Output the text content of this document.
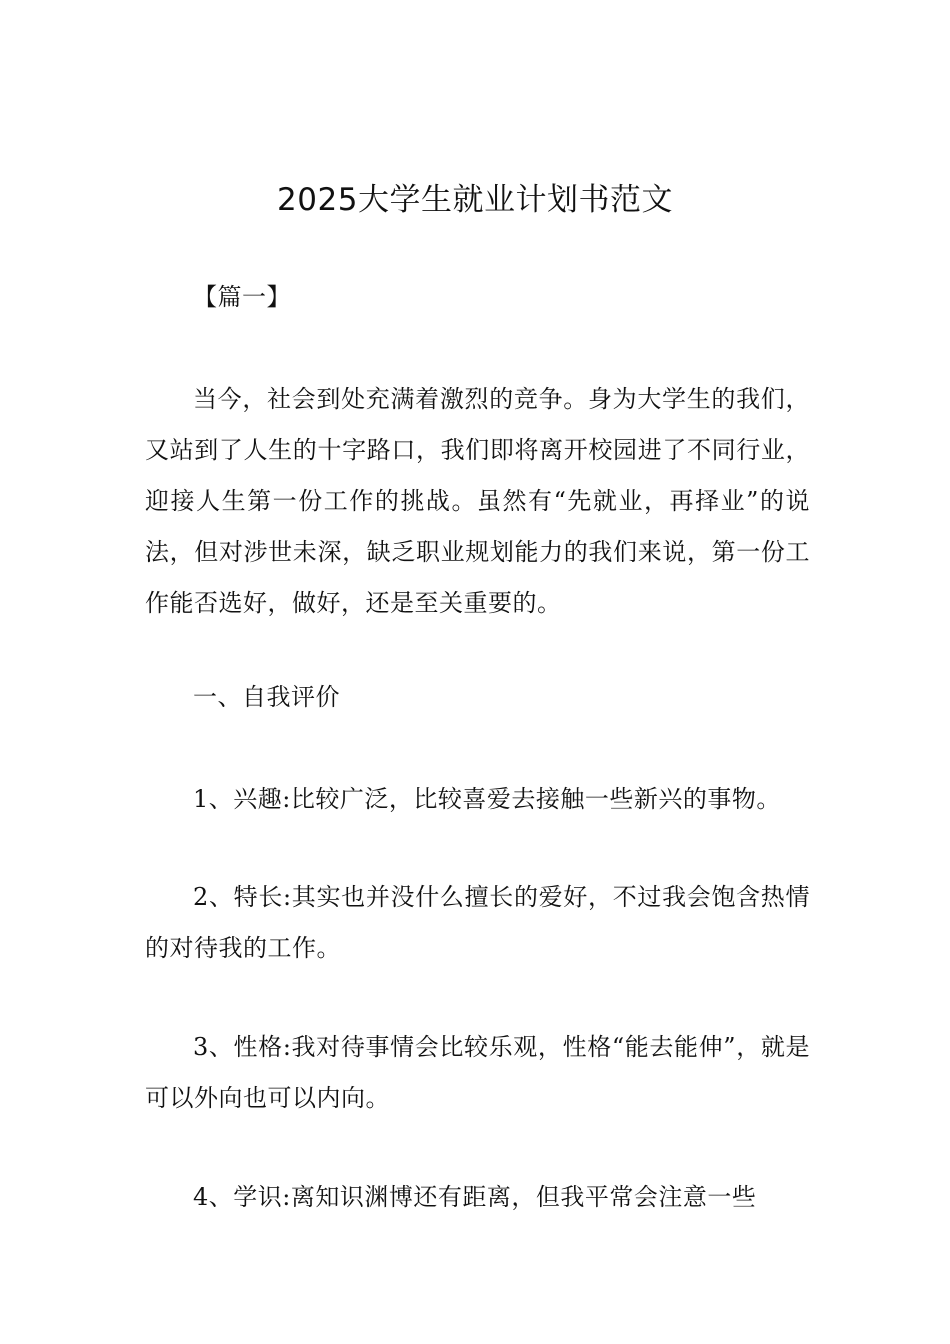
2025大学生就业计划书范文

【篇一】

当今，社会到处充满着激烈的竞争。身为大学生的我们，又站到了人生的十字路口，我们即将离开校园进了不同行业，迎接人生第一份工作的挑战。虽然有“先就业，再择业”的说法，但对涉世未深，缺乏职业规划能力的我们来说，第一份工作能否选好，做好，还是至关重要的。

一、自我评价

1、兴趣:比较广泛，比较喜爱去接触一些新兴的事物。

2、特长:其实也并没什么擅长的爱好，不过我会饱含热情的对待我的工作。

3、性格:我对待事情会比较乐观，性格“能去能伸”，就是可以外向也可以内向。

4、学识:离知识渊博还有距离，但我平常会注意一些
